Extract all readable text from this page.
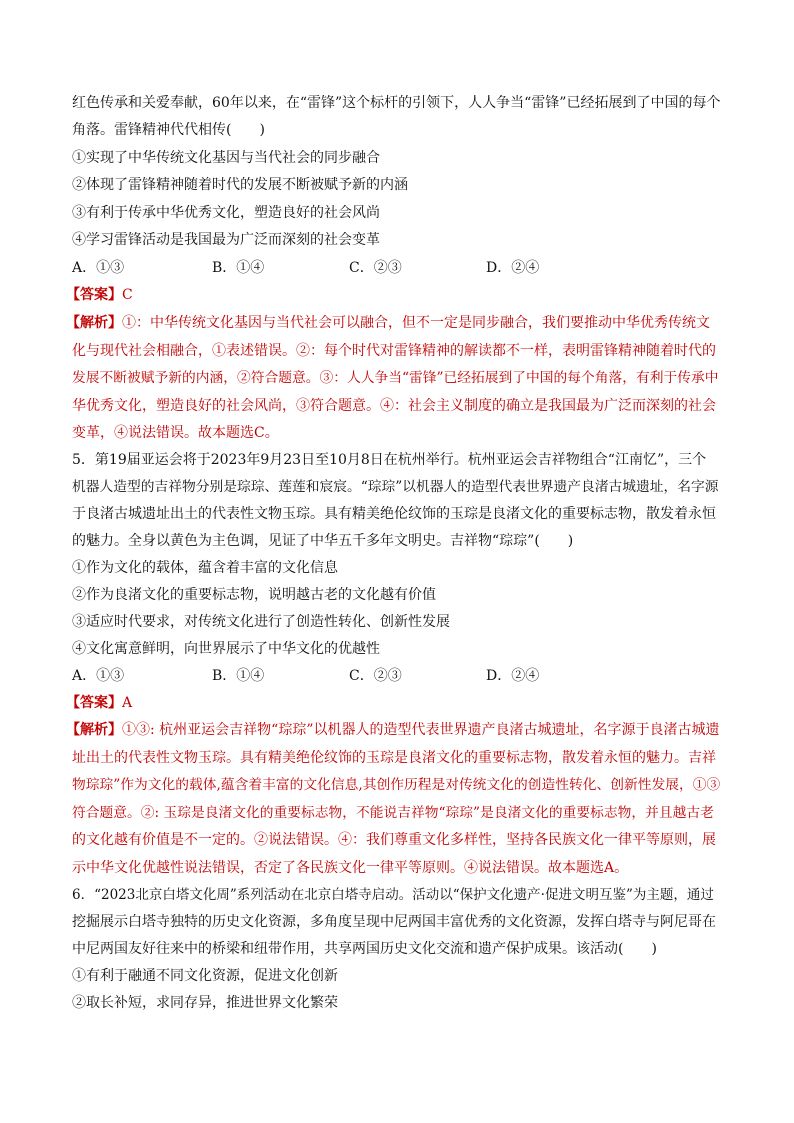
红色传承和关爱奉献，60年以来，在“雷锋”这个标杆的引领下，人人争当“雷锋”已经拓展到了中国的每个
角落。雷锋精神代代相传(　　)
①实现了中华传统文化基因与当代社会的同步融合
②体现了雷锋精神随着时代的发展不断被赋予新的内涵
③有利于传承中华优秀文化，塑造良好的社会风尚
④学习雷锋活动是我国最为广泛而深刻的社会变革
A．①③	B．①④	C．②③	D．②④
【答案】C
【解析】①：中华传统文化基因与当代社会可以融合，但不一定是同步融合，我们要推动中华优秀传统文
化与现代社会相融合，①表述错误。②：每个时代对雷锋精神的解读都不一样，表明雷锋精神随着时代的
发展不断被赋予新的内涵，②符合题意。③：人人争当“雷锋”已经拓展到了中国的每个角落，有利于传承中
华优秀文化，塑造良好的社会风尚，③符合题意。④：社会主义制度的确立是我国最为广泛而深刻的社会
变革，④说法错误。故本题选C。
5．第19届亚运会将于2023年9月23日至10月8日在杭州举行。杭州亚运会吉祥物组合“江南忆”，三个
机器人造型的吉祥物分别是琮琮、莲莲和宸宸。“琮琮”以机器人的造型代表世界遗产良渚古城遗址，名字源
于良渚古城遗址出土的代表性文物玉琮。具有精美绝伦纹饰的玉琮是良渚文化的重要标志物，散发着永恒
的魅力。全身以黄色为主色调，见证了中华五千多年文明史。吉祥物“琮琮”(　　)
①作为文化的载体，蕴含着丰富的文化信息
②作为良渚文化的重要标志物，说明越古老的文化越有价值
③适应时代要求，对传统文化进行了创造性转化、创新性发展
④文化寓意鲜明，向世界展示了中华文化的优越性
A．①③	B．①④	C．②③	D．②④
【答案】A
【解析】①③: 杭州亚运会吉祥物“琮琮”以机器人的造型代表世界遗产良渚古城遗址，名字源于良渚古城遗
址出土的代表性文物玉琮。具有精美绝伦纹饰的玉琮是良渚文化的重要标志物，散发着永恒的魅力。吉祥
物琮琮”作为文化的载体,蕴含着丰富的文化信息,其创作历程是对传统文化的创造性转化、创新性发展，①③
符合题意。②: 玉琮是良渚文化的重要标志物，不能说吉祥物“琮琮”是良渚文化的重要标志物，并且越古老
的文化越有价值是不一定的。②说法错误。④：我们尊重文化多样性，坚持各民族文化一律平等原则，展
示中华文化优越性说法错误，否定了各民族文化一律平等原则。④说法错误。故本题选A。
6．“2023北京白塔文化周”系列活动在北京白塔寺启动。活动以“保护文化遗产·促进文明互鉴”为主题，通过
挖掘展示白塔寺独特的历史文化资源，多角度呈现中尼两国丰富优秀的文化资源，发挥白塔寺与阿尼哥在
中尼两国友好往来中的桥梁和纽带作用，共享两国历史文化交流和遗产保护成果。该活动(　　)
①有利于融通不同文化资源，促进文化创新
②取长补短，求同存异，推进世界文化繁荣
